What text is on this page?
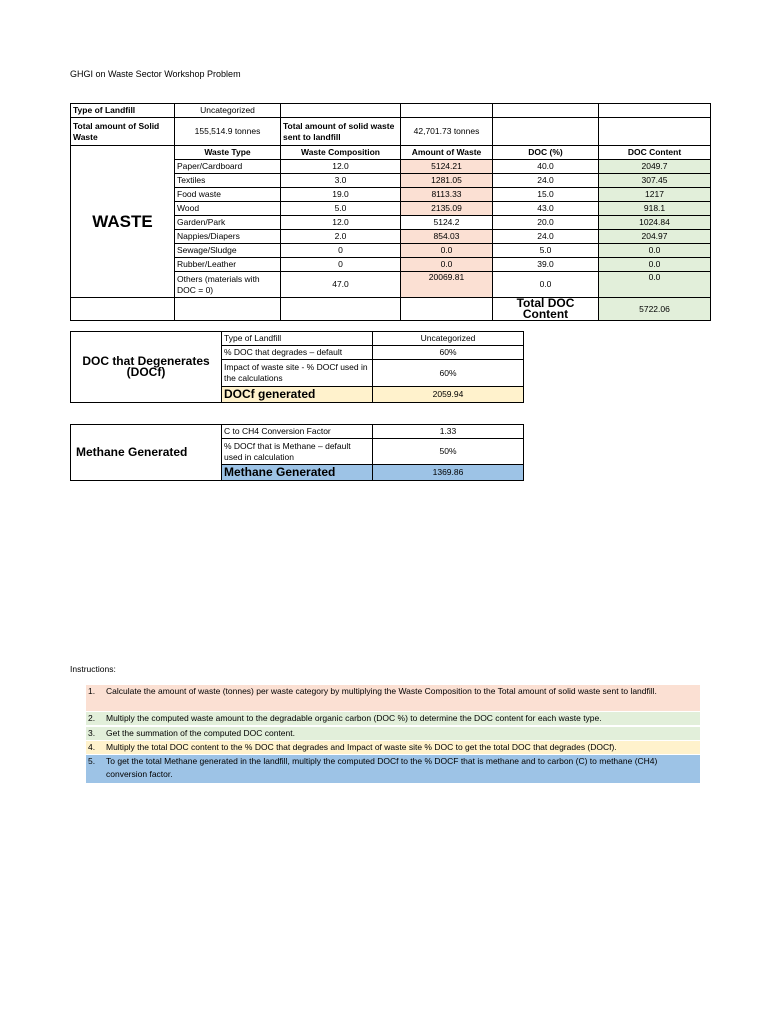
GHGI on Waste Sector Workshop Problem
Type of Landfill	Uncategorized				
Total amount of Solid Waste	155,514.9 tonnes	Total amount of solid waste sent to landfill	42,701.73 tonnes		
WASTE	Waste Type	Waste Composition	Amount of Waste	DOC (%)	DOC Content
	Paper/Cardboard	12.0	5124.21	40.0	2049.7
	Textiles	3.0	1281.05	24.0	307.45
	Food waste	19.0	8113.33	15.0	1217
	Wood	5.0	2135.09	43.0	918.1
	Garden/Park	12.0	5124.2	20.0	1024.84
	Nappies/Diapers	2.0	854.03	24.0	204.97
	Sewage/Sludge	0	0.0	5.0	0.0
	Rubber/Leather	0	0.0	39.0	0.0
	Others (materials with DOC = 0)	47.0	20069.81	0.0	0.0
				Total DOC Content	5722.06
DOC that Degenerates (DOCf)	Type of Landfill	Uncategorized
	% DOC that degrades – default	60%
	Impact of waste site - % DOCf used in the calculations	60%
	DOCf generated	2059.94
Methane Generated	C to CH4 Conversion Factor	1.33
	% DOCf that is Methane – default used in calculation	50%
	Methane Generated	1369.86
Instructions:
1. Calculate the amount of waste (tonnes) per waste category by multiplying the Waste Composition to the Total amount of solid waste sent to landfill.
2. Multiply the computed waste amount to the degradable organic carbon (DOC %) to determine the DOC content for each waste type.
3. Get the summation of the computed DOC content.
4. Multiply the total DOC content to the % DOC that degrades and Impact of waste site % DOC to get the total DOC that degrades (DOCf).
5. To get the total Methane generated in the landfill, multiply the computed DOCf to the % DOCF that is methane and to carbon (C) to methane (CH4) conversion factor.
